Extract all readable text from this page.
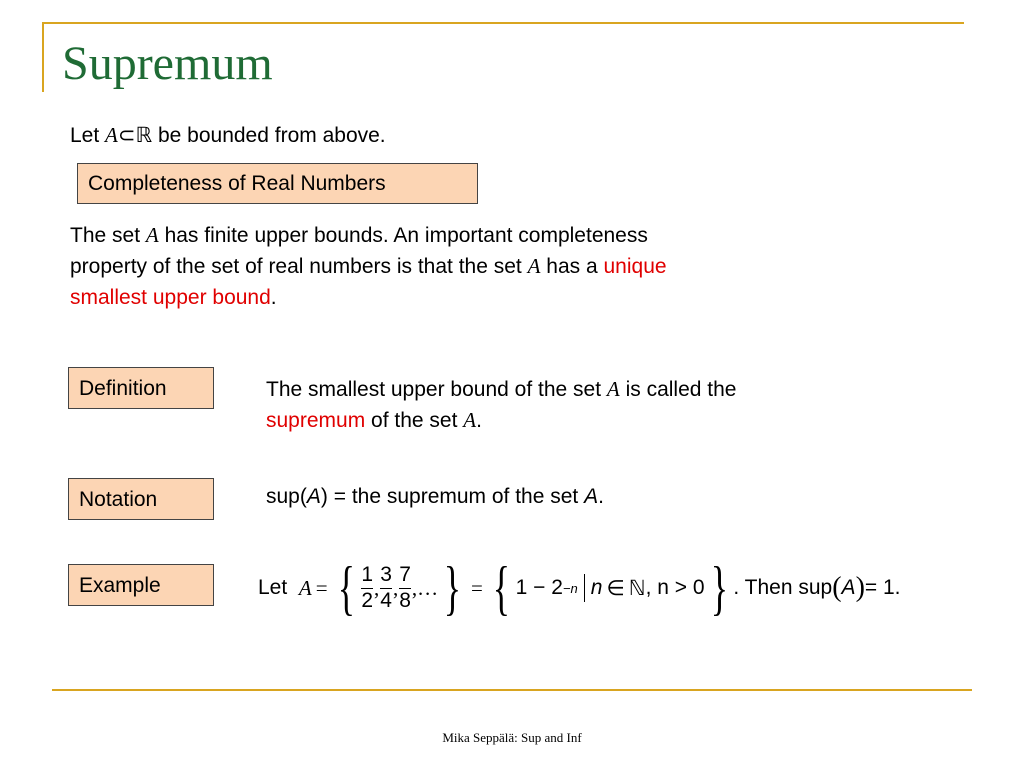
Supremum
Let A⊂ℝ be bounded from above.
Completeness of Real Numbers
The set A has finite upper bounds. An important completeness
property of the set of real numbers is that the set A has a unique
smallest upper bound.
Definition	The smallest upper bound of the set A is called the
supremum of the set A.
Notation	sup(A) = the supremum of the set A.
Example	Let
A = { $\frac{1}{2}$ , $\frac{3}{4}$ , $\frac{7}{8}$ ,… } = { 1 − 2 −n n ∈ ℕ , n > 0 } . Then
sup ( A ) = 1.
Mika Seppälä: Sup and Inf
